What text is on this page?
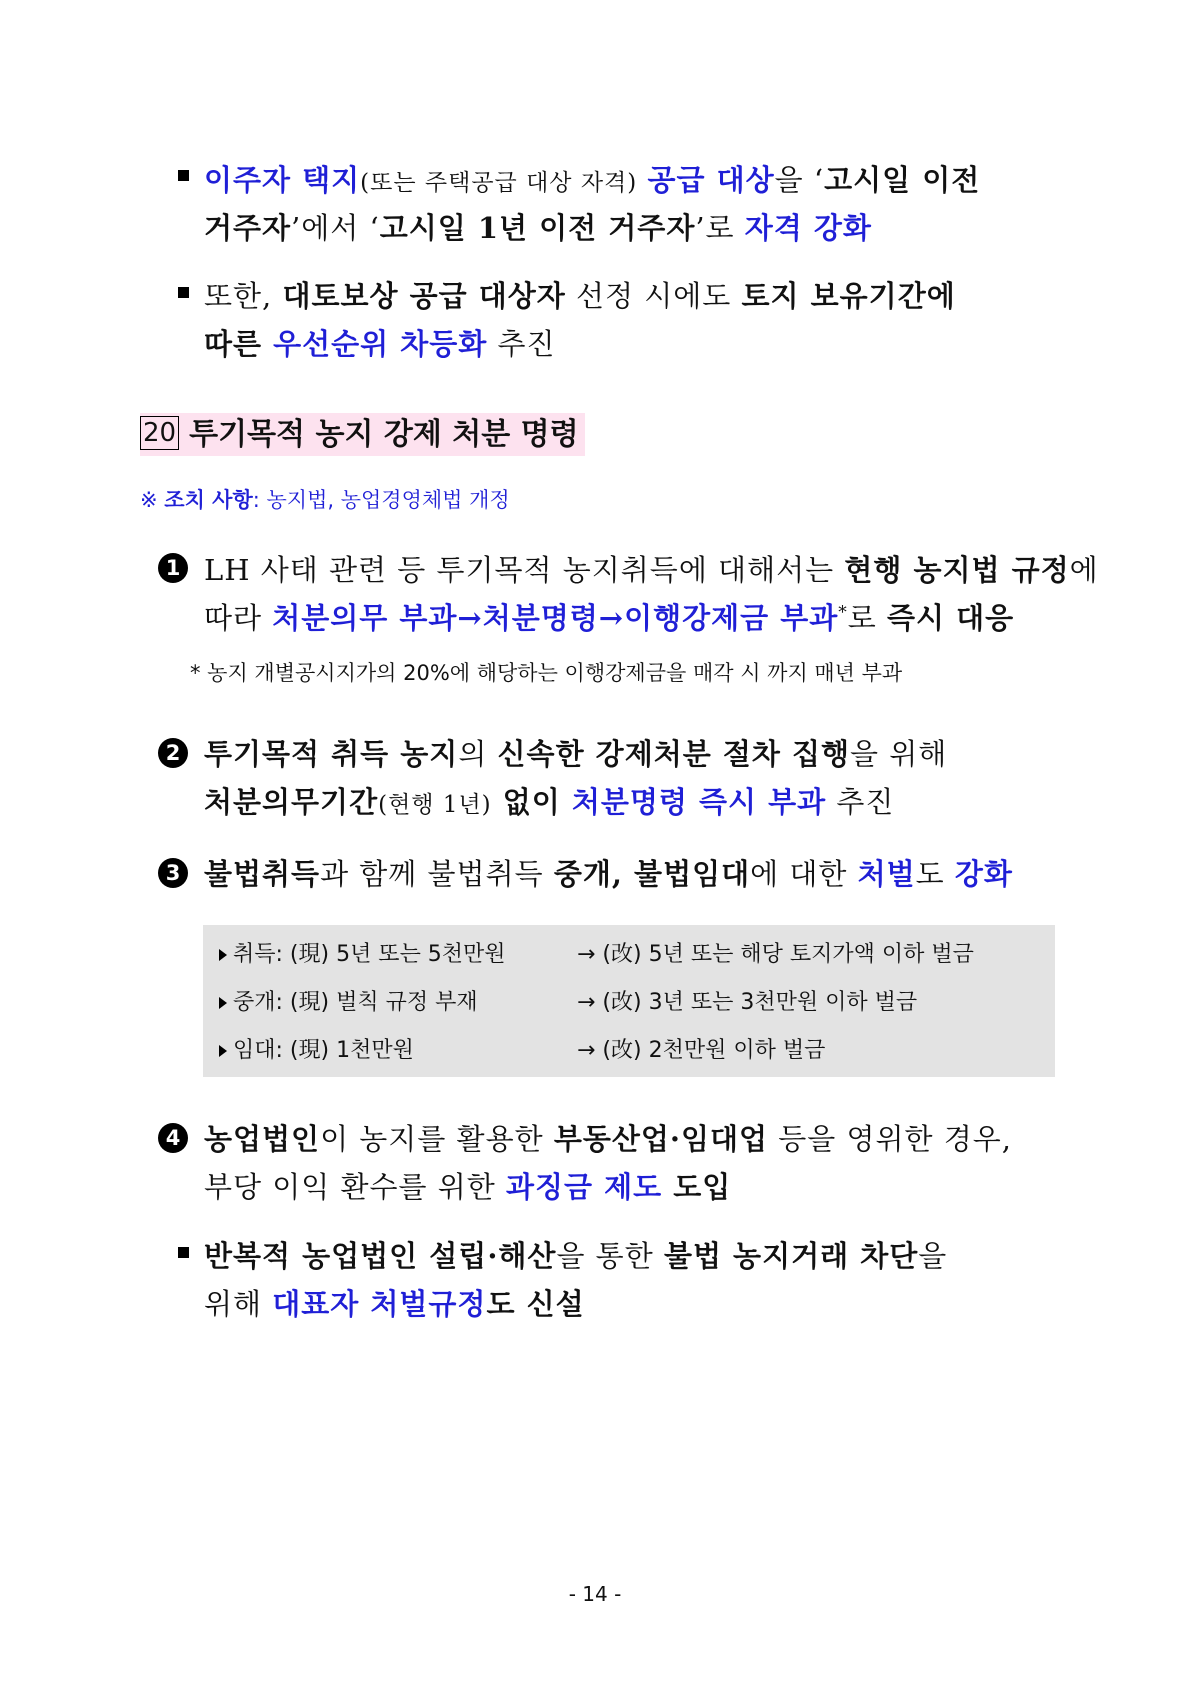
이주자 택지(또는 주택공급 대상 자격) 공급 대상을 ‘고시일 이전
거주자’에서 ‘고시일 1년 이전 거주자’로 자격 강화
또한, 대토보상 공급 대상자 선정 시에도 토지 보유기간에
따른 우선순위 차등화 추진
20 투기목적 농지 강제 처분 명령
※ 조치 사항: 농지법, 농업경영체법 개정
1 LH 사태 관련 등 투기목적 농지취득에 대해서는 현행 농지법 규정에
따라 처분의무 부과→처분명령→이행강제금 부과*로 즉시 대응
* 농지 개별공시지가의 20%에 해당하는 이행강제금을 매각 시 까지 매년 부과
2 투기목적 취득 농지의 신속한 강제처분 절차 집행을 위해
처분의무기간(현행 1년) 없이 처분명령 즉시 부과 추진
3 불법취득과 함께 불법취득 중개, 불법임대에 대한 처벌도 강화
취득: (現) 5년 또는 5천만원	→ (改) 5년 또는 해당 토지가액 이하 벌금
중개: (現) 벌칙 규정 부재	→ (改) 3년 또는 3천만원 이하 벌금
임대: (現) 1천만원	→ (改) 2천만원 이하 벌금
4 농업법인이 농지를 활용한 부동산업·임대업 등을 영위한 경우,
부당 이익 환수를 위한 과징금 제도 도입
반복적 농업법인 설립·해산을 통한 불법 농지거래 차단을
위해 대표자 처벌규정도 신설
- 14 -
